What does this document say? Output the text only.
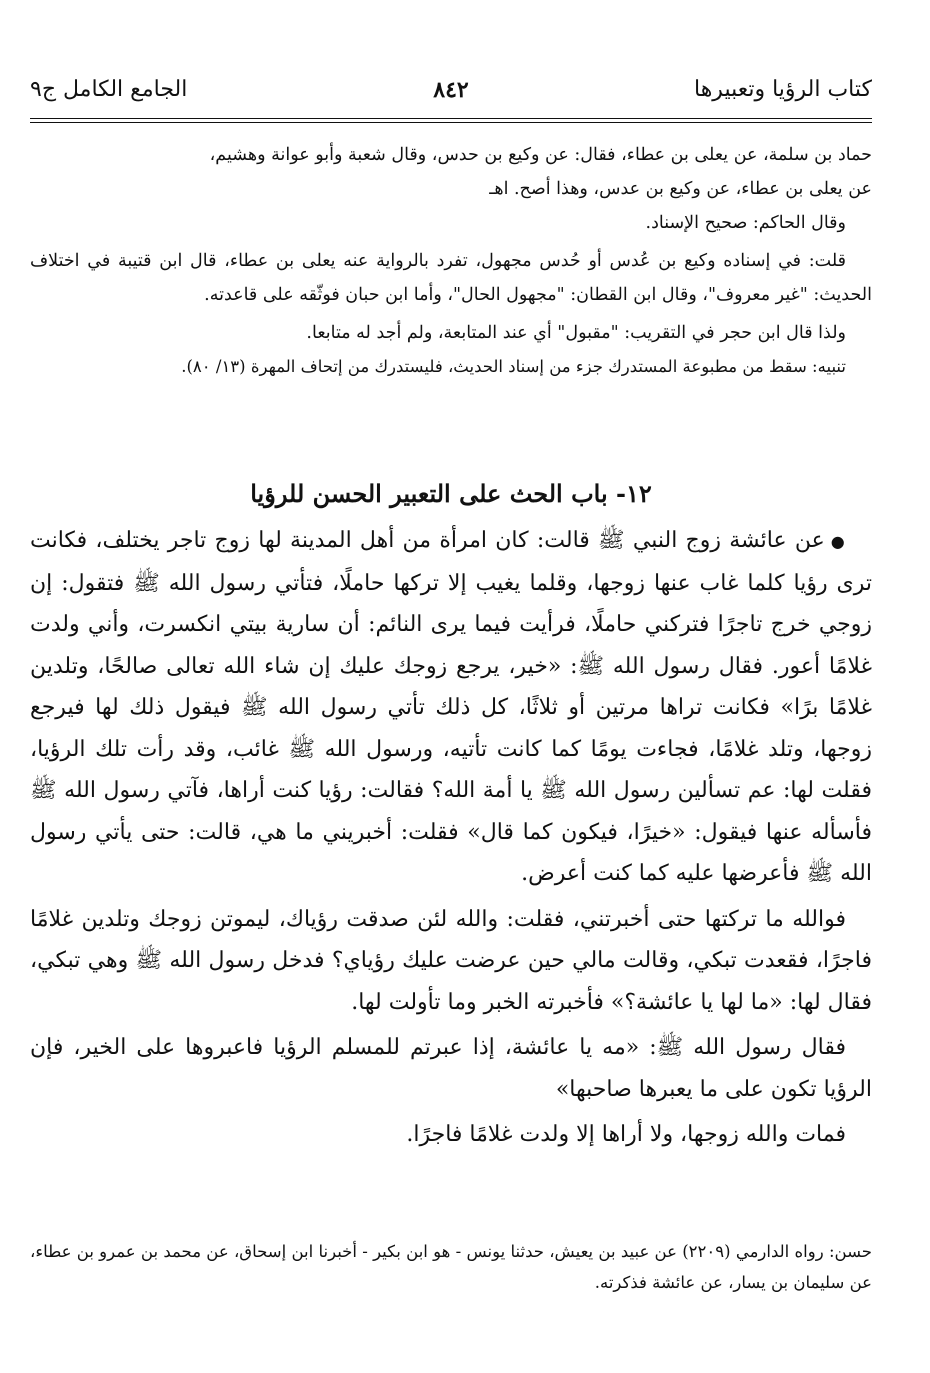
كتاب الرؤيا وتعبيرها
٨٤٢
الجامع الكامل ج٩

حماد بن سلمة، عن يعلى بن عطاء، فقال: عن وكيع بن حدس، وقال شعبة وأبو عوانة وهشيم،

عن يعلى بن عطاء، عن وكيع بن عدس، وهذا أصح. اهـ

وقال الحاكم: صحيح الإسناد.

قلت: في إسناده وكيع بن عُدس أو حُدس مجهول، تفرد بالرواية عنه يعلى بن عطاء، قال ابن قتيبة في اختلاف الحديث: "غير معروف"، وقال ابن القطان: "مجهول الحال"، وأما ابن حبان فوثّقه على قاعدته.

ولذا قال ابن حجر في التقريب: "مقبول" أي عند المتابعة، ولم أجد له متابعا.

تنبيه: سقط من مطبوعة المستدرك جزء من إسناد الحديث، فليستدرك من إتحاف المهرة (١٣/ ٨٠).

١٢- باب الحث على التعبير الحسن للرؤيا

●عن عائشة زوج النبي ﷺ قالت: كان امرأة من أهل المدينة لها زوج تاجر يختلف، فكانت ترى رؤيا كلما غاب عنها زوجها، وقلما يغيب إلا تركها حاملًا، فتأتي رسول الله ﷺ فتقول: إن زوجي خرج تاجرًا فتركني حاملًا، فرأيت فيما يرى النائم: أن سارية بيتي انكسرت، وأني ولدت غلامًا أعور. فقال رسول الله ﷺ: «خير، يرجع زوجك عليك إن شاء الله تعالى صالحًا، وتلدين غلامًا برًا» فكانت تراها مرتين أو ثلاثًا، كل ذلك تأتي رسول الله ﷺ فيقول ذلك لها فيرجع زوجها، وتلد غلامًا، فجاءت يومًا كما كانت تأتيه، ورسول الله ﷺ غائب، وقد رأت تلك الرؤيا، فقلت لها: عم تسألين رسول الله ﷺ يا أمة الله؟ فقالت: رؤيا كنت أراها، فآتي رسول الله ﷺ فأسأله عنها فيقول: «خيرًا، فيكون كما قال» فقلت: أخبريني ما هي، قالت: حتى يأتي رسول الله ﷺ فأعرضها عليه كما كنت أعرض.

فوالله ما تركتها حتى أخبرتني، فقلت: والله لئن صدقت رؤياك، ليموتن زوجك وتلدين غلامًا فاجرًا، فقعدت تبكي، وقالت مالي حين عرضت عليك رؤياي؟ فدخل رسول الله ﷺ وهي تبكي، فقال لها: «ما لها يا عائشة؟» فأخبرته الخبر وما تأولت لها.

فقال رسول الله ﷺ: «مه يا عائشة، إذا عبرتم للمسلم الرؤيا فاعبروها على الخير، فإن الرؤيا تكون على ما يعبرها صاحبها»

فمات والله زوجها، ولا أراها إلا ولدت غلامًا فاجرًا.

حسن: رواه الدارمي (٢٢٠٩) عن عبيد بن يعيش، حدثنا يونس - هو ابن بكير - أخبرنا ابن إسحاق، عن محمد بن عمرو بن عطاء، عن سليمان بن يسار، عن عائشة فذكرته.
